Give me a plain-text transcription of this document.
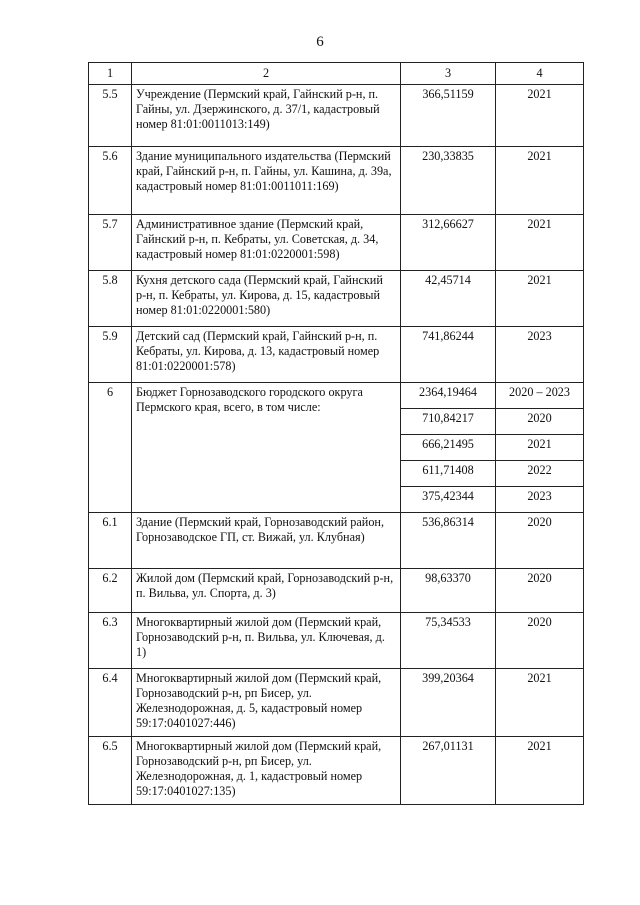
6
1	2	3	4
5.5	Учреждение (Пермский край, Гайнский р-н, п. Гайны, ул. Дзержинского, д. 37/1, кадастровый номер 81:01:0011013:149)	366,51159	2021
5.6	Здание муниципального издательства (Пермский край, Гайнский р-н, п. Гайны, ул. Кашина, д. 39а, кадастровый номер 81:01:0011011:169)	230,33835	2021
5.7	Административное здание (Пермский край, Гайнский р-н, п. Кебраты, ул. Советская, д. 34, кадастровый номер 81:01:0220001:598)	312,66627	2021
5.8	Кухня детского сада (Пермский край, Гайнский р-н, п. Кебраты, ул. Кирова, д. 15, кадастровый номер 81:01:0220001:580)	42,45714	2021
5.9	Детский сад (Пермский край, Гайнский р-н, п. Кебраты, ул. Кирова, д. 13, кадастровый номер 81:01:0220001:578)	741,86244	2023
6	Бюджет Горнозаводского городского округа Пермского края, всего, в том числе:	2364,19464	2020 – 2023
		710,84217	2020
		666,21495	2021
		611,71408	2022
		375,42344	2023
6.1	Здание (Пермский край, Горнозаводский район, Горнозаводское ГП, ст. Вижай, ул. Клубная)	536,86314	2020
6.2	Жилой дом (Пермский край, Горнозаводский р-н, п. Вильва, ул. Спорта, д. 3)	98,63370	2020
6.3	Многоквартирный жилой дом (Пермский край, Горнозаводский р-н, п. Вильва, ул. Ключевая, д. 1)	75,34533	2020
6.4	Многоквартирный жилой дом (Пермский край, Горнозаводский р-н, рп Бисер, ул. Железнодорожная, д. 5, кадастровый номер 59:17:0401027:446)	399,20364	2021
6.5	Многоквартирный жилой дом (Пермский край, Горнозаводский р-н, рп Бисер, ул. Железнодорожная, д. 1, кадастровый номер 59:17:0401027:135)	267,01131	2021
